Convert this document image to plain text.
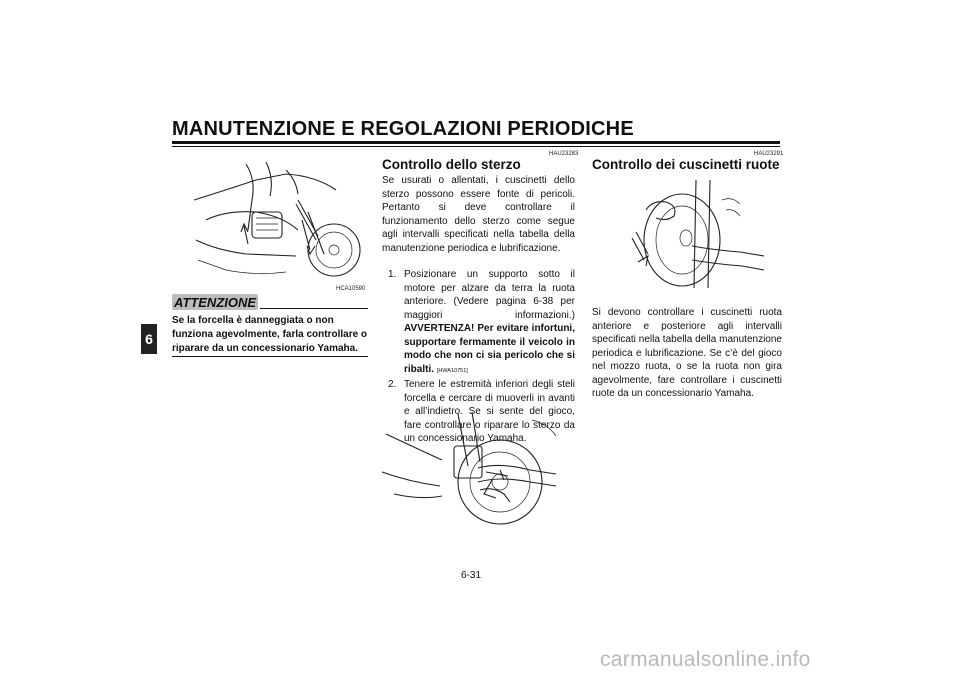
MANUTENZIONE E REGOLAZIONI PERIODICHE
6
HCA10590
ATTENZIONE

Se la forcella è danneggiata o non funziona agevolmente, farla controllare o riparare da un concessionario Yamaha.

HAU23283
Controllo dello sterzo

Se usurati o allentati, i cuscinetti dello sterzo possono essere fonte di pericoli. Pertanto si deve controllare il funzionamento dello sterzo come segue agli intervalli specificati nella tabella della manutenzione periodica e lubrificazione.

1. Posizionare un supporto sotto il motore per alzare da terra la ruota anteriore. (Vedere pagina 6-38 per maggiori informazioni.) AVVERTENZA! Per evitare infortuni, supportare fermamente il veicolo in modo che non ci sia pericolo che si ribalti. [HWA10751]
2. Tenere le estremità inferiori degli steli forcella e cercare di muoverli in avanti e all’indietro. Se si sente del gioco, fare controllare o riparare lo sterzo da un concessionario Yamaha.
HAU23291
Controllo dei cuscinetti ruote

Si devono controllare i cuscinetti ruota anteriore e posteriore agli intervalli specificati nella tabella della manutenzione periodica e lubrificazione. Se c’è del gioco nel mozzo ruota, o se la ruota non gira agevolmente, fare controllare i cuscinetti ruote da un concessionario Yamaha.

6-31
carmanualsonline.info
